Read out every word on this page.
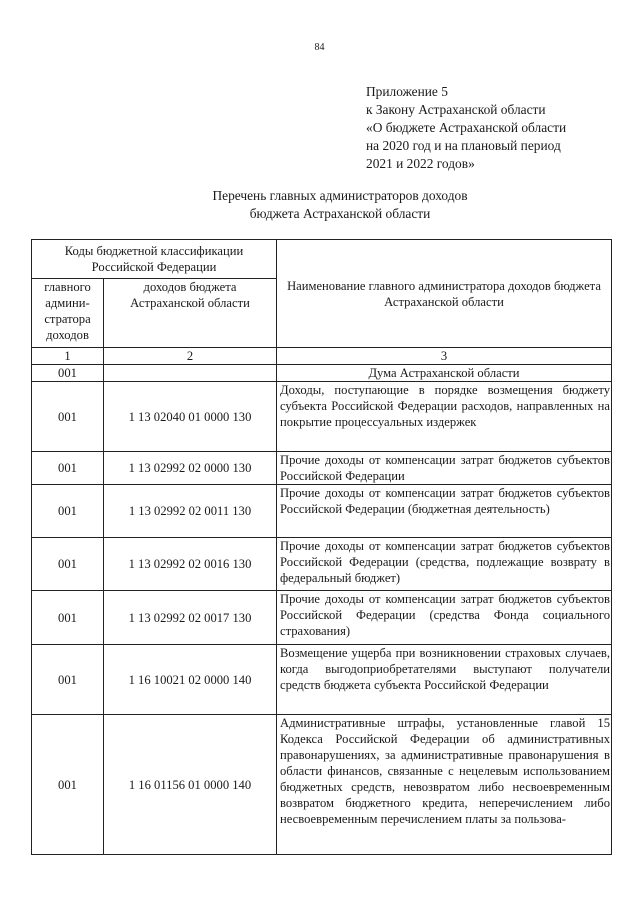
84
Приложение 5
к Закону Астраханской области
«О бюджете Астраханской области
на 2020 год и на плановый период
2021 и 2022 годов»
Перечень главных администраторов доходов
бюджета Астраханской области
Коды бюджетной классификации Российской Федерации		Наименование главного администратора доходов бюджета Астраханской области
главного админи-стратора доходов	доходов бюджета Астраханской области	
1	2	3
001		Дума Астраханской области
001	1 13 02040 01 0000 130	Доходы, поступающие в порядке возмещения бюджету субъекта Российской Федерации расходов, направленных на покрытие процессуальных издержек
001	1 13 02992 02 0000 130	Прочие доходы от компенсации затрат бюджетов субъектов Российской Федерации
001	1 13 02992 02 0011 130	Прочие доходы от компенсации затрат бюджетов субъектов Российской Федерации (бюджетная деятельность)
001	1 13 02992 02 0016 130	Прочие доходы от компенсации затрат бюджетов субъектов Российской Федерации (средства, подлежащие возврату в федеральный бюджет)
001	1 13 02992 02 0017 130	Прочие доходы от компенсации затрат бюджетов субъектов Российской Федерации (средства Фонда социального страхования)
001	1 16 10021 02 0000 140	Возмещение ущерба при возникновении страховых случаев, когда выгодоприобретателями выступают получатели средств бюджета субъекта Российской Федерации
001	1 16 01156 01 0000 140	Административные штрафы, установленные главой 15 Кодекса Российской Федерации об административных правонарушениях, за административные правонарушения в области финансов, связанные с нецелевым использованием бюджетных средств, невозвратом либо несвоевременным возвратом бюджетного кредита, неперечислением либо несвоевременным перечислением платы за пользова-
